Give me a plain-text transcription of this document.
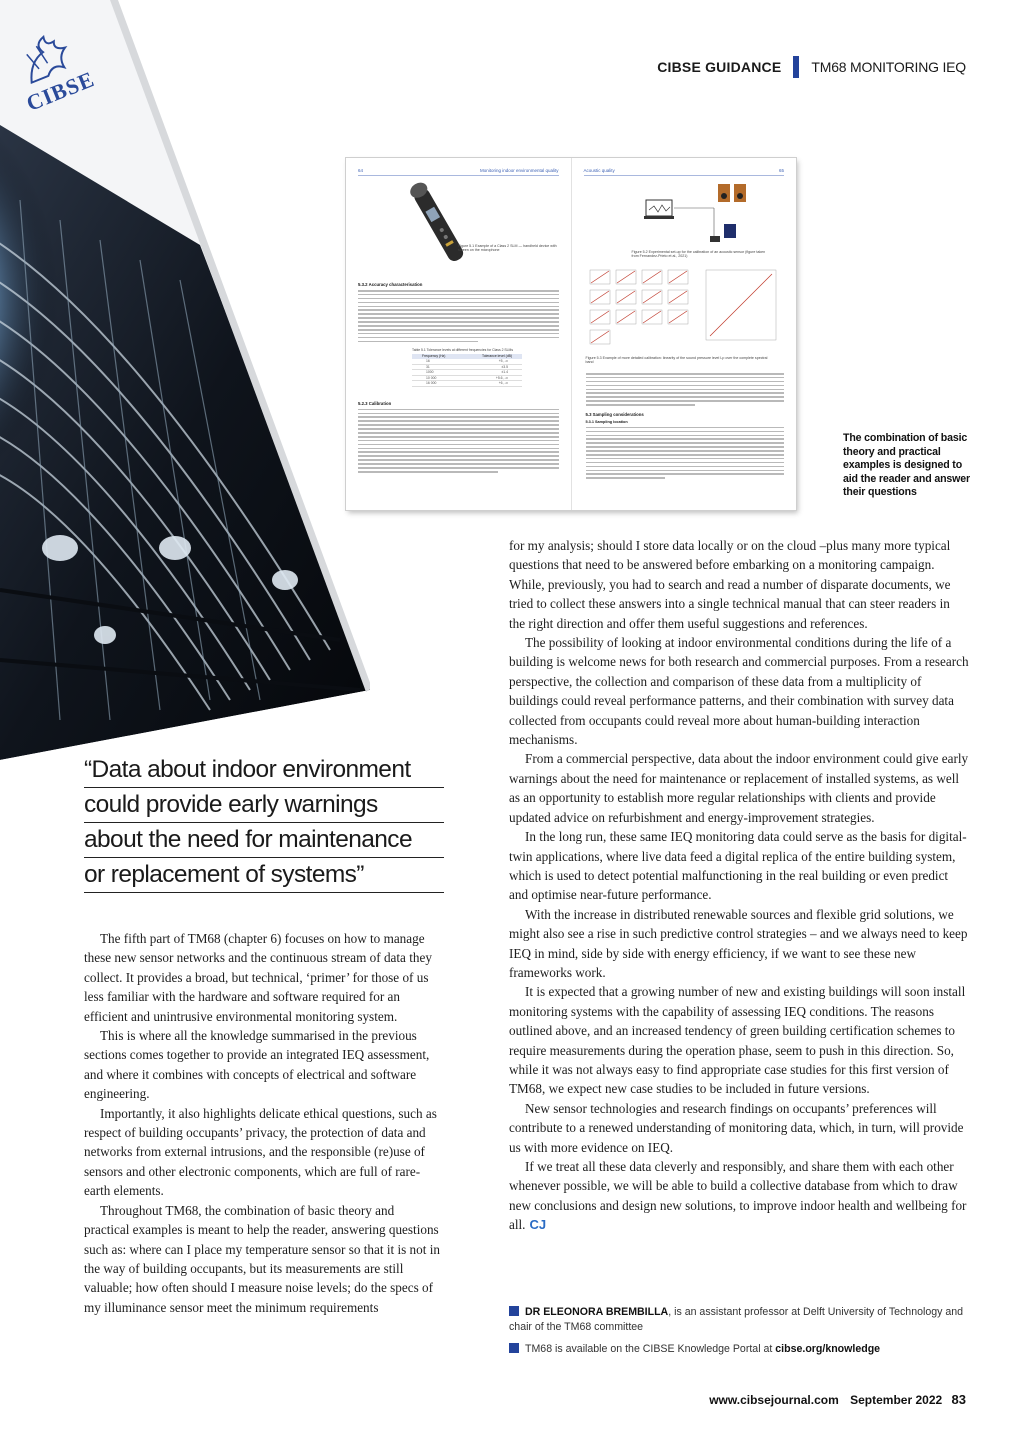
CIBSE GUIDANCE TM68 MONITORING IEQ
CIBSE
64	Monitoring indoor environmental quality
Figure 5.1 Example of a Class 2 SLM — handheld device with screen on the microphone
5.3.2 Accuracy characterisation
Table 5.1 Tolerance levels at different frequencies for Class 2 SLMs
Frequency (Hz)	Tolerance level (dB)
16	+5, -∞
31	±3.5
1000	±1.4
10 000	+5.6, -∞
16 000	+6, -∞
5.2.3 Calibration
Acoustic quality	65
Figure 5.2 Experimental set-up for the calibration of an acoustic sensor (figure taken from Fernandez-Prieto et al., 2021)
Figure 5.3 Example of more detailed calibration: linearity of the sound pressure level Lp over the complete spectral band
5.3 Sampling considerations
5.3.1 Sampling location
The combination of basic theory and practical examples is designed to aid the reader and answer their questions
“Data about indoor environment
could provide early warnings
about the need for maintenance
or replacement of systems”

The fifth part of TM68 (chapter 6) focuses on how to manage these new sensor networks and the continuous stream of data they collect. It provides a broad, but technical, ‘primer’ for those of us less familiar with the hardware and software required for an efficient and unintrusive environmental monitoring system.

This is where all the knowledge summarised in the previous sections comes together to provide an integrated IEQ assessment, and where it combines with concepts of electrical and software engineering.

Importantly, it also highlights delicate ethical questions, such as respect of building occupants’ privacy, the protection of data and networks from external intrusions, and the responsible (re)use of sensors and other electronic components, which are full of rare-earth elements.

Throughout TM68, the combination of basic theory and practical examples is meant to help the reader, answering questions such as: where can I place my temperature sensor so that it is not in the way of building occupants, but its measurements are still valuable; how often should I measure noise levels; do the specs of my illuminance sensor meet the minimum requirements

for my analysis; should I store data locally or on the cloud –plus many more typical questions that need to be answered before embarking on a monitoring campaign. While, previously, you had to search and read a number of disparate documents, we tried to collect these answers into a single technical manual that can steer readers in the right direction and offer them useful suggestions and references.

The possibility of looking at indoor environmental conditions during the life of a building is welcome news for both research and commercial purposes. From a research perspective, the collection and comparison of these data from a multiplicity of buildings could reveal performance patterns, and their combination with survey data collected from occupants could reveal more about human-building interaction mechanisms.

From a commercial perspective, data about the indoor environment could give early warnings about the need for maintenance or replacement of installed systems, as well as an opportunity to establish more regular relationships with clients and provide updated advice on refurbishment and energy-improvement strategies.

In the long run, these same IEQ monitoring data could serve as the basis for digital-twin applications, where live data feed a digital replica of the entire building system, which is used to detect potential malfunctioning in the real building or even predict and optimise near-future performance.

With the increase in distributed renewable sources and flexible grid solutions, we might also see a rise in such predictive control strategies – and we always need to keep IEQ in mind, side by side with energy efficiency, if we want to see these new frameworks work.

It is expected that a growing number of new and existing buildings will soon install monitoring systems with the capability of assessing IEQ conditions. The reasons outlined above, and an increased tendency of green building certification schemes to require measurements during the operation phase, seem to push in this direction. So, while it was not always easy to find appropriate case studies for this first version of TM68, we expect new case studies to be included in future versions.

New sensor technologies and research findings on occupants’ preferences will contribute to a renewed understanding of monitoring data, which, in turn, will provide us with more evidence on IEQ.

If we treat all these data cleverly and responsibly, and share them with each other whenever possible, we will be able to build a collective database from which to draw new conclusions and design new solutions, to improve indoor health and wellbeing for all. CJ

DR ELEONORA BREMBILLA, is an assistant professor at Delft University of Technology and chair of the TM68 committee
TM68 is available on the CIBSE Knowledge Portal at cibse.org/knowledge
www.cibsejournal.com September 2022 83
